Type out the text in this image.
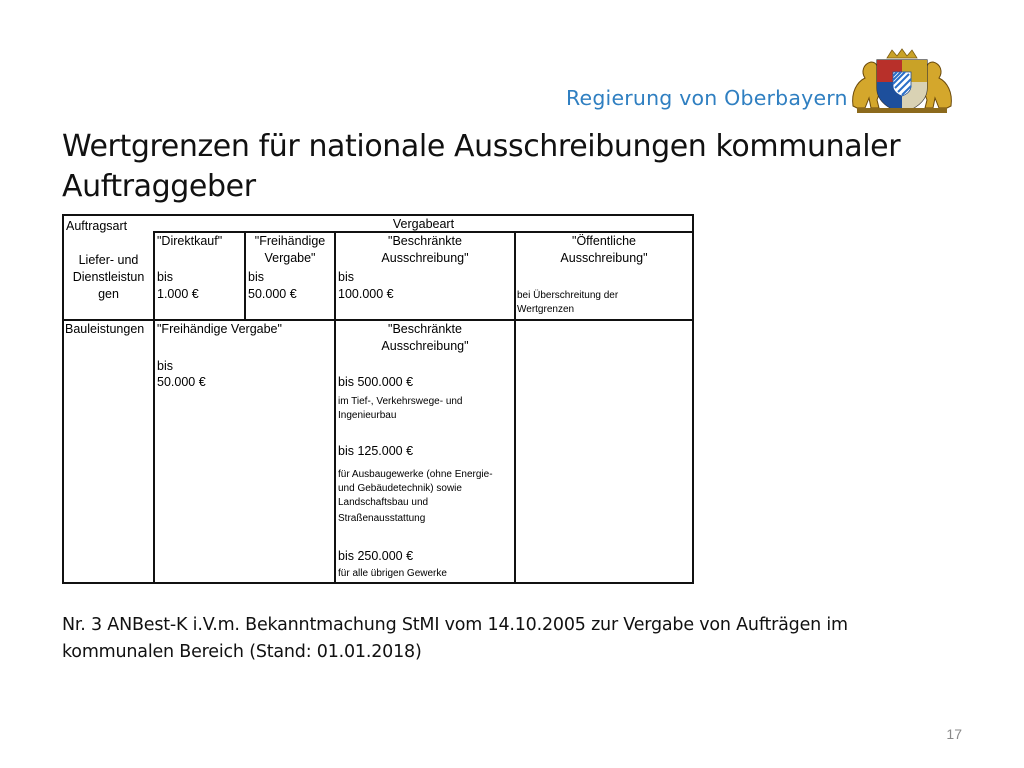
Regierung von Oberbayern
Wertgrenzen für nationale Ausschreibungen kommunaler Auftraggeber
Auftragsart	Vergabeart
Liefer- und
Dienstleistun
gen
"Direktkauf"
bis
1.000 €
"Freihändige
Vergabe"
bis
50.000 €
"Beschränkte
Ausschreibung"
bis
100.000 €
"Öffentliche
Ausschreibung"
bei Überschreitung der
Wertgrenzen
Bauleistungen "Freihändige Vergabe"
bis
50.000 €
"Beschränkte
Ausschreibung"
bis 500.000 €
im Tief-, Verkehrswege- und
Ingenieurbau
bis 125.000 €
für Ausbaugewerke (ohne Energie-
und Gebäudetechnik) sowie
Landschaftsbau und
Straßenausstattung
bis 250.000 €
für alle übrigen Gewerke
Nr. 3 ANBest-K i.V.m. Bekanntmachung StMI vom 14.10.2005 zur Vergabe von Aufträgen im kommunalen Bereich (Stand: 01.01.2018)
17
